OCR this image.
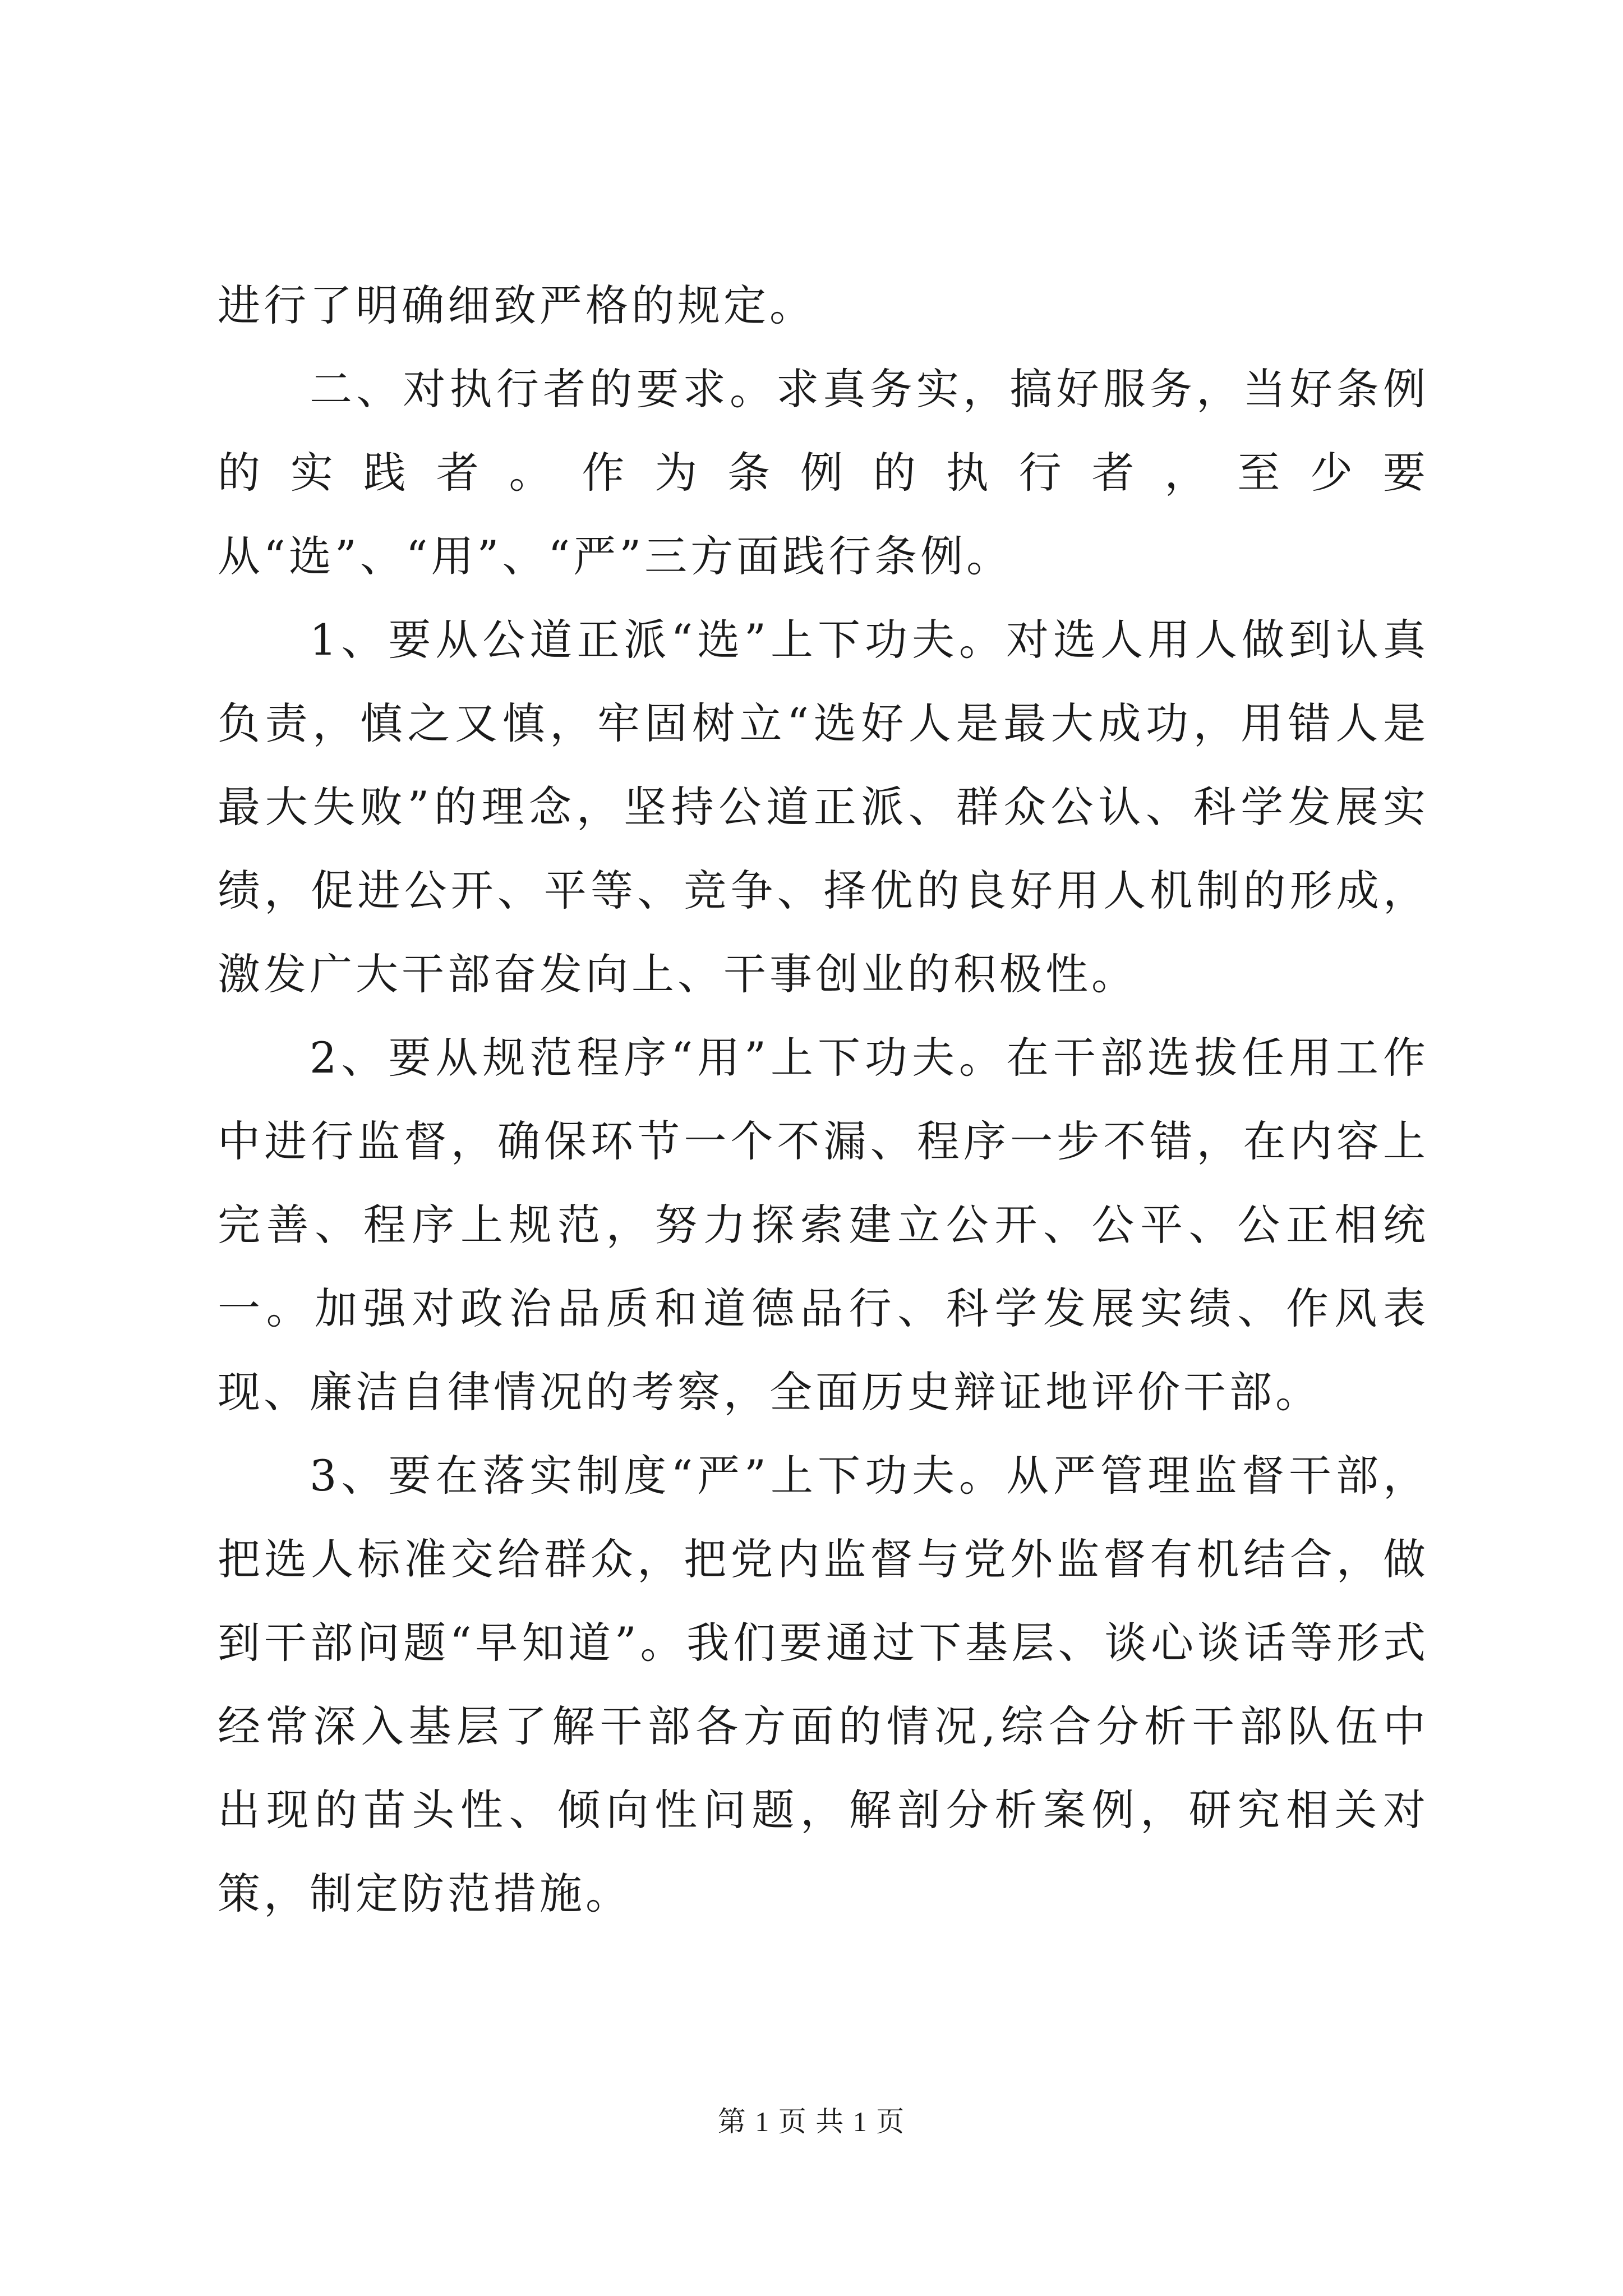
进行了明确细致严格的规定。

二、对执行者的要求。求真务实，搞好服务，当好条例的实践者。作为条例的执行者，至少要从“选”、“用”、“严”三方面践行条例。

1、要从公道正派“选”上下功夫。对选人用人做到认真负责，慎之又慎，牢固树立“选好人是最大成功，用错人是最大失败”的理念，坚持公道正派、群众公认、科学发展实绩，促进公开、平等、竞争、择优的良好用人机制的形成，激发广大干部奋发向上、干事创业的积极性。

2、要从规范程序“用”上下功夫。在干部选拔任用工作中进行监督，确保环节一个不漏、程序一步不错，在内容上完善、程序上规范，努力探索建立公开、公平、公正相统一。加强对政治品质和道德品行、科学发展实绩、作风表现、廉洁自律情况的考察，全面历史辩证地评价干部。

3、要在落实制度“严”上下功夫。从严管理监督干部，把选人标准交给群众，把党内监督与党外监督有机结合，做到干部问题“早知道”。我们要通过下基层、谈心谈话等形式经常深入基层了解干部各方面的情况,综合分析干部队伍中出现的苗头性、倾向性问题，解剖分析案例，研究相关对策，制定防范措施。

第 1 页 共 1 页
